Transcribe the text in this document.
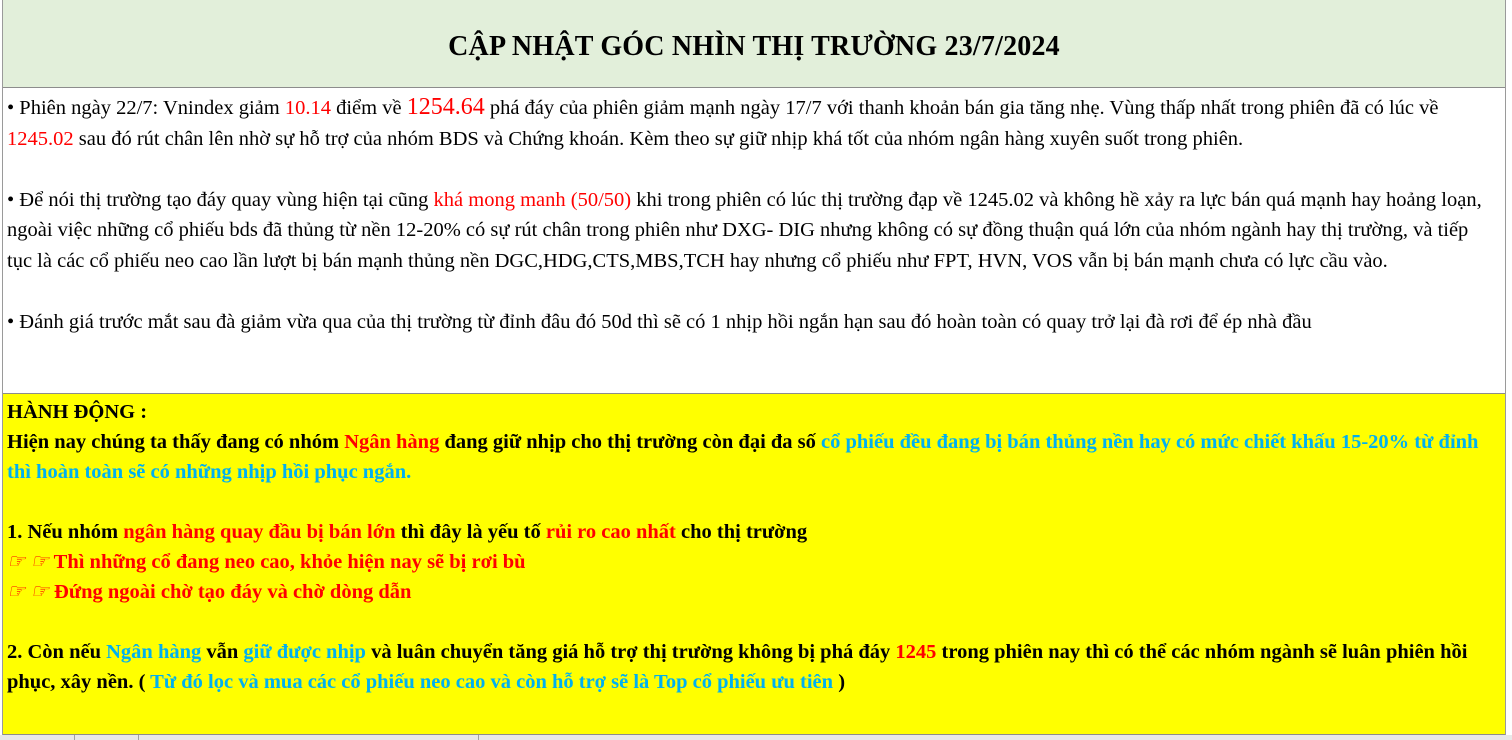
CẬP NHẬT GÓC NHÌN THỊ TRƯỜNG 23/7/2024

• Phiên ngày 22/7: Vnindex giảm 10.14 điểm về 1254.64 phá đáy của phiên giảm mạnh ngày 17/7 với thanh khoản bán gia tăng nhẹ. Vùng thấp nhất trong phiên đã có lúc về 1245.02 sau đó rút chân lên nhờ sự hỗ trợ của nhóm BDS và Chứng khoán. Kèm theo sự giữ nhịp khá tốt của nhóm ngân hàng xuyên suốt trong phiên.

• Để nói thị trường tạo đáy quay vùng hiện tại cũng khá mong manh (50/50) khi trong phiên có lúc thị trường đạp về 1245.02 và không hề xảy ra lực bán quá mạnh hay hoảng loạn, ngoài việc những cổ phiếu bds đã thủng từ nền 12-20% có sự rút chân trong phiên như DXG- DIG nhưng không có sự đồng thuận quá lớn của nhóm ngành hay thị trường, và tiếp tục là các cổ phiếu neo cao lần lượt bị bán mạnh thủng nền DGC,HDG,CTS,MBS,TCH hay nhưng cổ phiếu như FPT, HVN, VOS vẫn bị bán mạnh chưa có lực cầu vào.

• Đánh giá trước mắt sau đà giảm vừa qua của thị trường từ đỉnh đâu đó 50d thì sẽ có 1 nhịp hồi ngắn hạn sau đó hoàn toàn có quay trở lại đà rơi để ép nhà đầu

HÀNH ĐỘNG :

Hiện nay chúng ta thấy đang có nhóm Ngân hàng đang giữ nhịp cho thị trường còn đại đa số cổ phiếu đều đang bị bán thủng nền hay có mức chiết khấu 15-20% từ đỉnh thì hoàn toàn sẽ có những nhịp hồi phục ngắn.

1. Nếu nhóm ngân hàng quay đầu bị bán lớn thì đây là yếu tố rủi ro cao nhất cho thị trường

☞ ☞ Thì những cổ đang neo cao, khỏe hiện nay sẽ bị rơi bù

☞ ☞ Đứng ngoài chờ tạo đáy và chờ dòng dẫn

2. Còn nếu Ngân hàng vẫn giữ được nhịp và luân chuyển tăng giá hỗ trợ thị trường không bị phá đáy 1245 trong phiên nay thì có thể các nhóm ngành sẽ luân phiên hồi phục, xây nền. ( Từ đó lọc và mua các cổ phiếu neo cao và còn hỗ trợ sẽ là Top cổ phiếu ưu tiên )
